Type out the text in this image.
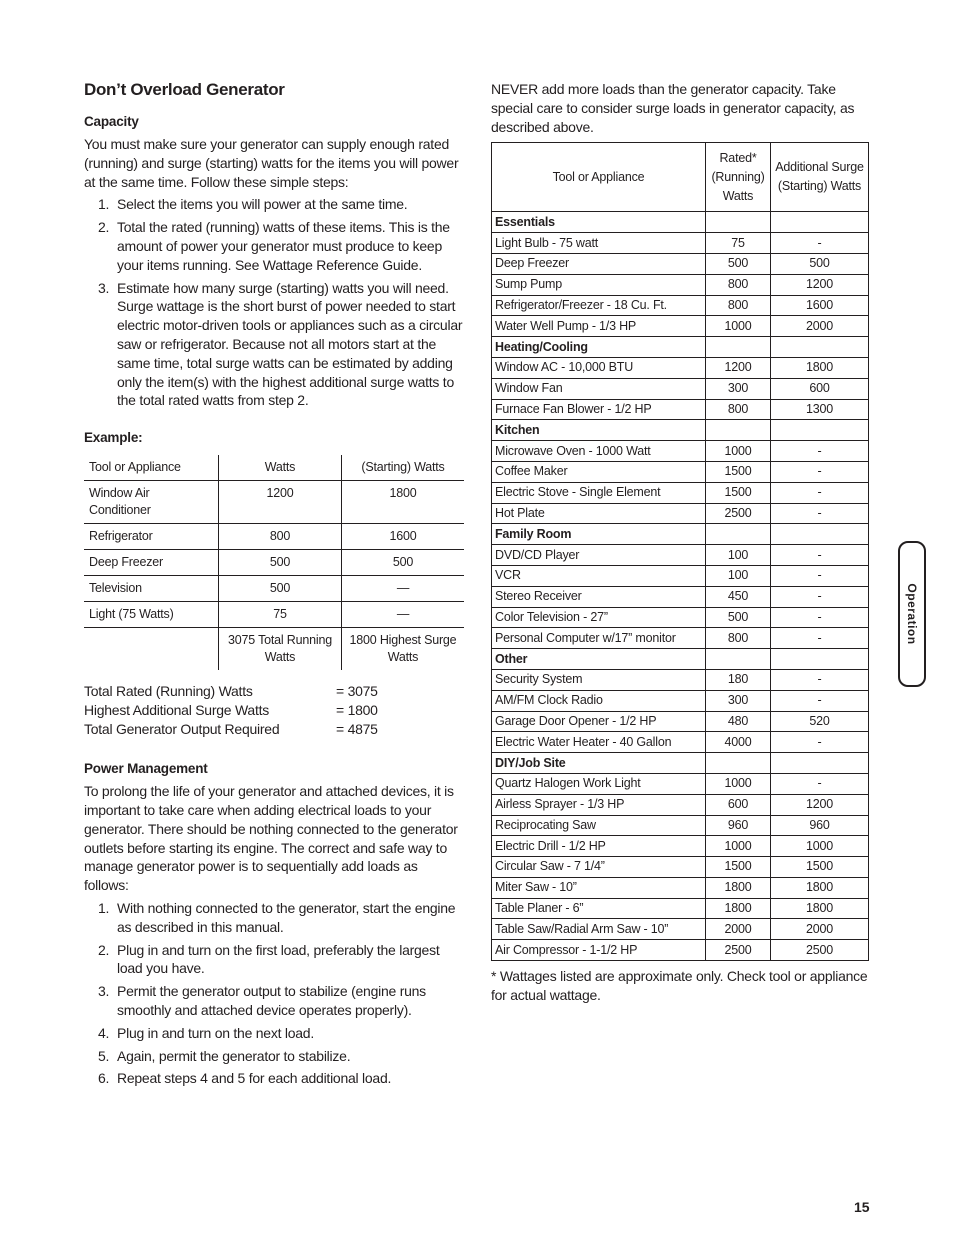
Don’t Overload Generator
Capacity

You must make sure your generator can supply enough rated (running) and surge (starting) watts for the items you will power at the same time. Follow these simple steps:

1. Select the items you will power at the same time.
2. Total the rated (running) watts of these items. This is the amount of power your generator must produce to keep your items running. See Wattage Reference Guide.
3. Estimate how many surge (starting) watts you will need. Surge wattage is the short burst of power needed to start electric motor-driven tools or appliances such as a circular saw or refrigerator. Because not all motors start at the same time, total surge watts can be estimated by adding only the item(s) with the highest additional surge watts to the total rated watts from step 2.
Example:
Tool or Appliance	Watts	(Starting) Watts
Window Air Conditioner	1200	1800
Refrigerator	800	1600
Deep Freezer	500	500
Television	500	—
Light (75 Watts)	75	—
	3075 Total Running Watts	1800 Highest Surge Watts
Total Rated (Running) Watts	= 3075
Highest Additional Surge Watts	= 1800
Total Generator Output Required	= 4875
Power Management

To prolong the life of your generator and attached devices, it is important to take care when adding electrical loads to your generator. There should be nothing connected to the generator outlets before starting its engine. The correct and safe way to manage generator power is to sequentially add loads as follows:

1. With nothing connected to the generator, start the engine as described in this manual.
2. Plug in and turn on the first load, preferably the largest load you have.
3. Permit the generator output to stabilize (engine runs smoothly and attached device operates properly).
4. Plug in and turn on the next load.
5. Again, permit the generator to stabilize.
6. Repeat steps 4 and 5 for each additional load.

NEVER add more loads than the generator capacity. Take special care to consider surge loads in generator capacity, as described above.

Tool or Appliance	Rated* (Running) Watts	Additional Surge (Starting) Watts
Essentials		
Light Bulb - 75 watt	75	-
Deep Freezer	500	500
Sump Pump	800	1200
Refrigerator/Freezer - 18 Cu. Ft.	800	1600
Water Well Pump - 1/3 HP	1000	2000
Heating/Cooling		
Window AC - 10,000 BTU	1200	1800
Window Fan	300	600
Furnace Fan Blower - 1/2 HP	800	1300
Kitchen		
Microwave Oven - 1000 Watt	1000	-
Coffee Maker	1500	-
Electric Stove - Single Element	1500	-
Hot Plate	2500	-
Family Room		
DVD/CD Player	100	-
VCR	100	-
Stereo Receiver	450	-
Color Television - 27”	500	-
Personal Computer w/17” monitor	800	-
Other		
Security System	180	-
AM/FM Clock Radio	300	-
Garage Door Opener - 1/2 HP	480	520
Electric Water Heater - 40 Gallon	4000	-
DIY/Job Site		
Quartz Halogen Work Light	1000	-
Airless Sprayer - 1/3 HP	600	1200
Reciprocating Saw	960	960
Electric Drill - 1/2 HP	1000	1000
Circular Saw - 7 1/4”	1500	1500
Miter Saw - 10”	1800	1800
Table Planer - 6”	1800	1800
Table Saw/Radial Arm Saw - 10”	2000	2000
Air Compressor - 1-1/2 HP	2500	2500

* Wattages listed are approximate only. Check tool or appliance for actual wattage.

Operation
15
